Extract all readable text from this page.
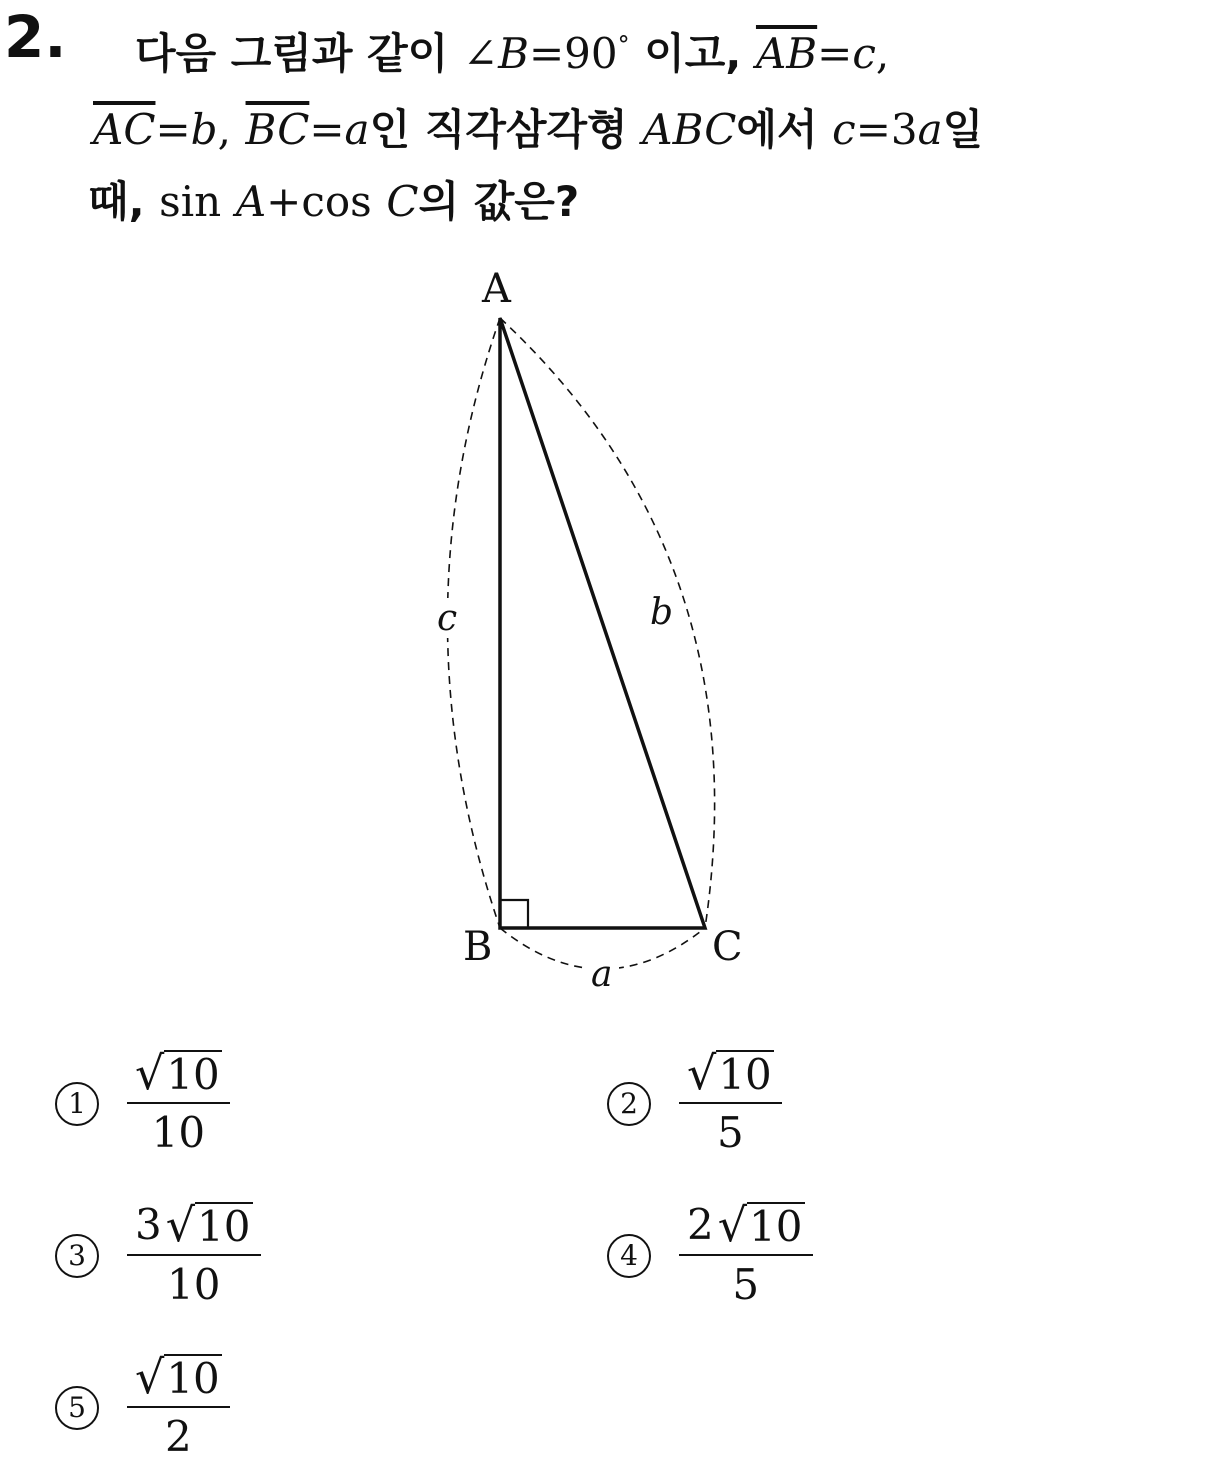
2. 다음 그림과 같이 ∠B=90° 이고, $\overline{AB}=c$,
$\overline{AC}=b$, $\overline{BC}=a$인 직각삼각형 ABC에서 c=3a일
때, sin A+cos C의 값은?
A
B	C
c	b
a
$1 \frac{√ 10}{10}$	$2 \frac{√ 10}{5}$
$3 \frac{3 √ 10}{10}$	$4 \frac{2 √ 10}{5}$
$5 \frac{√ 10}{2}$
